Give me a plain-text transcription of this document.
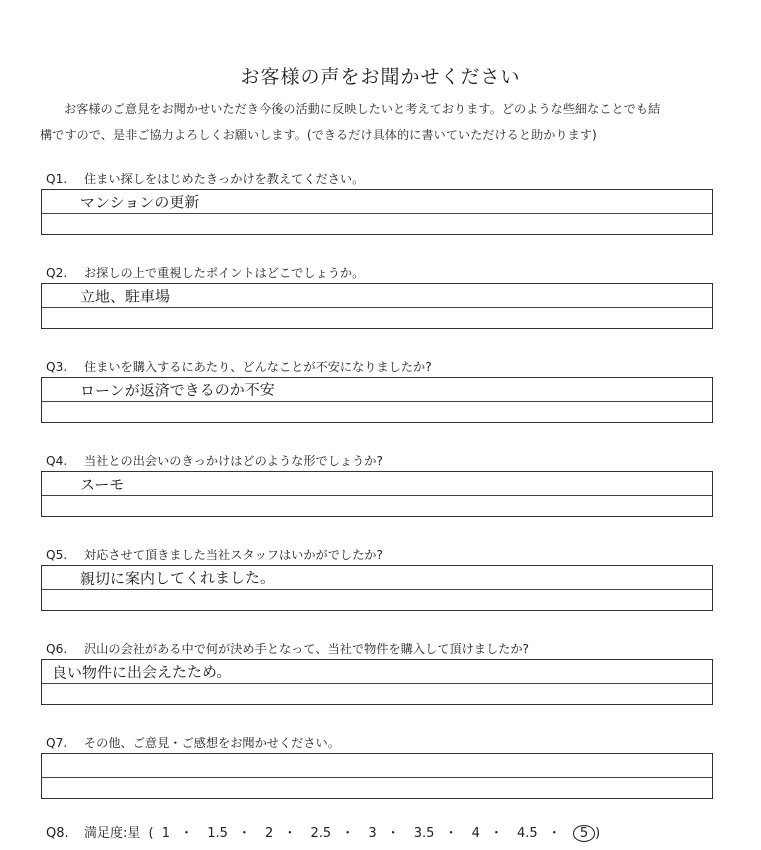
お客様の声をお聞かせください
お客様のご意見をお聞かせいただき今後の活動に反映したいと考えております。どのような些細なことでも結
構ですので、是非ご協力よろしくお願いします。(できるだけ具体的に書いていただけると助かります)
Q1. 住まい探しをはじめたきっかけを教えてください。
マンションの更新
Q2. お探しの上で重視したポイントはどこでしょうか。
立地、駐車場
Q3. 住まいを購入するにあたり、どんなことが不安になりましたか?
ローンが返済できるのか不安
Q4. 当社との出会いのきっかけはどのような形でしょうか?
スーモ
Q5. 対応させて頂きました当社スタッフはいかがでしたか?
親切に案内してくれました。
Q6. 沢山の会社がある中で何が決め手となって、当社で物件を購入して頂けましたか?
良い物件に出会えたため。
Q7. その他、ご意見・ご感想をお聞かせください。
Q8. 満足度:星 ( 1 ・ 1.5 ・ 2 ・ 2.5 ・ 3 ・ 3.5 ・ 4 ・ 4.5 ・ 5 )
